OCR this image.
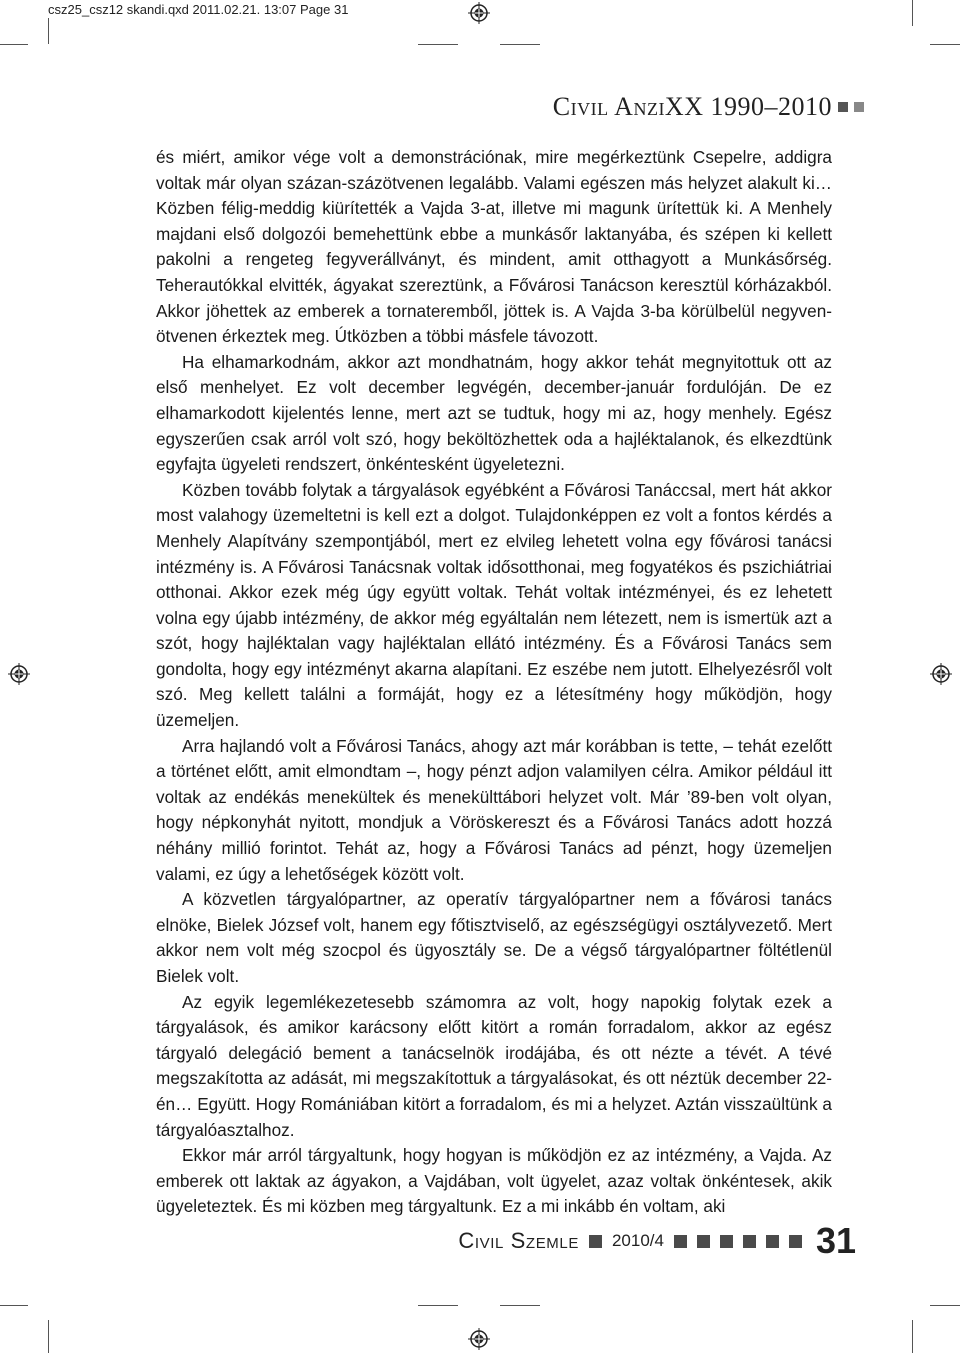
csz25_csz12 skandi.qxd 2011.02.21. 13:07 Page 31
Civil AnziXX 1990–2010

és miért, amikor vége volt a demonstrációnak, mire megérkeztünk Csepelre, addigra voltak már olyan százan-százötvenen legalább. Valami egészen más helyzet alakult ki… Közben félig-meddig kiürítették a Vajda 3-at, illetve mi magunk ürítettük ki. A Menhely majdani első dolgozói bemehettünk ebbe a munkásőr laktanyába, és szépen ki kellett pakolni a rengeteg fegyverállványt, és mindent, amit otthagyott a Munkásőrség. Teherautókkal elvitték, ágyakat szereztünk, a Fővárosi Tanácson keresztül kórházakból. Akkor jöhettek az emberek a tornateremből, jöttek is. A Vajda 3-ba körülbelül negyven-ötvenen érkeztek meg. Útközben a többi másfele távozott.

Ha elhamarkodnám, akkor azt mondhatnám, hogy akkor tehát megnyitottuk ott az első menhelyet. Ez volt december legvégén, december-január fordulóján. De ez elhamarkodott kijelentés lenne, mert azt se tudtuk, hogy mi az, hogy menhely. Egész egyszerűen csak arról volt szó, hogy beköltözhettek oda a hajléktalanok, és elkezdtünk egyfajta ügyeleti rendszert, önkéntesként ügyeletezni.

Közben tovább folytak a tárgyalások egyébként a Fővárosi Tanáccsal, mert hát akkor most valahogy üzemeltetni is kell ezt a dolgot. Tulajdonképpen ez volt a fontos kérdés a Menhely Alapítvány szempontjából, mert ez elvileg lehetett volna egy fővárosi tanácsi intézmény is. A Fővárosi Tanácsnak voltak idősotthonai, meg fogyatékos és pszichiátriai otthonai. Akkor ezek még úgy együtt voltak. Tehát voltak intézményei, és ez lehetett volna egy újabb intézmény, de akkor még egyáltalán nem létezett, nem is ismertük azt a szót, hogy hajléktalan vagy hajléktalan ellátó intézmény. És a Fővárosi Tanács sem gondolta, hogy egy intézményt akarna alapítani. Ez eszébe nem jutott. Elhelyezésről volt szó. Meg kellett találni a formáját, hogy ez a létesítmény hogy működjön, hogy üzemeljen.

Arra hajlandó volt a Fővárosi Tanács, ahogy azt már korábban is tette, – tehát ezelőtt a történet előtt, amit elmondtam –, hogy pénzt adjon valamilyen célra. Amikor például itt voltak az endékás menekültek és menekülttábori helyzet volt. Már ’89-ben volt olyan, hogy népkonyhát nyitott, mondjuk a Vöröskereszt és a Fővárosi Tanács adott hozzá néhány millió forintot. Tehát az, hogy a Fővárosi Tanács ad pénzt, hogy üzemeljen valami, ez úgy a lehetőségek között volt.

A közvetlen tárgyalópartner, az operatív tárgyalópartner nem a fővárosi tanács elnöke, Bielek József volt, hanem egy főtisztviselő, az egészségügyi osztályvezető. Mert akkor nem volt még szocpol és ügyosztály se. De a végső tárgyalópartner föltétlenül Bielek volt.

Az egyik legemlékezetesebb számomra az volt, hogy napokig folytak ezek a tárgyalások, és amikor karácsony előtt kitört a román forradalom, akkor az egész tárgyaló delegáció bement a tanácselnök irodájába, és ott nézte a tévét. A tévé megszakította az adását, mi megszakítottuk a tárgyalásokat, és ott néztük december 22-én… Együtt. Hogy Romániában kitört a forradalom, és mi a helyzet. Aztán visszaültünk a tárgyalóasztalhoz.

Ekkor már arról tárgyaltunk, hogy hogyan is működjön ez az intézmény, a Vajda. Az emberek ott laktak az ágyakon, a Vajdában, volt ügyelet, azaz voltak önkéntesek, akik ügyeleteztek. És mi közben meg tárgyaltunk. Ez a mi inkább én voltam, aki

Civil Szemle 2010/4	31
